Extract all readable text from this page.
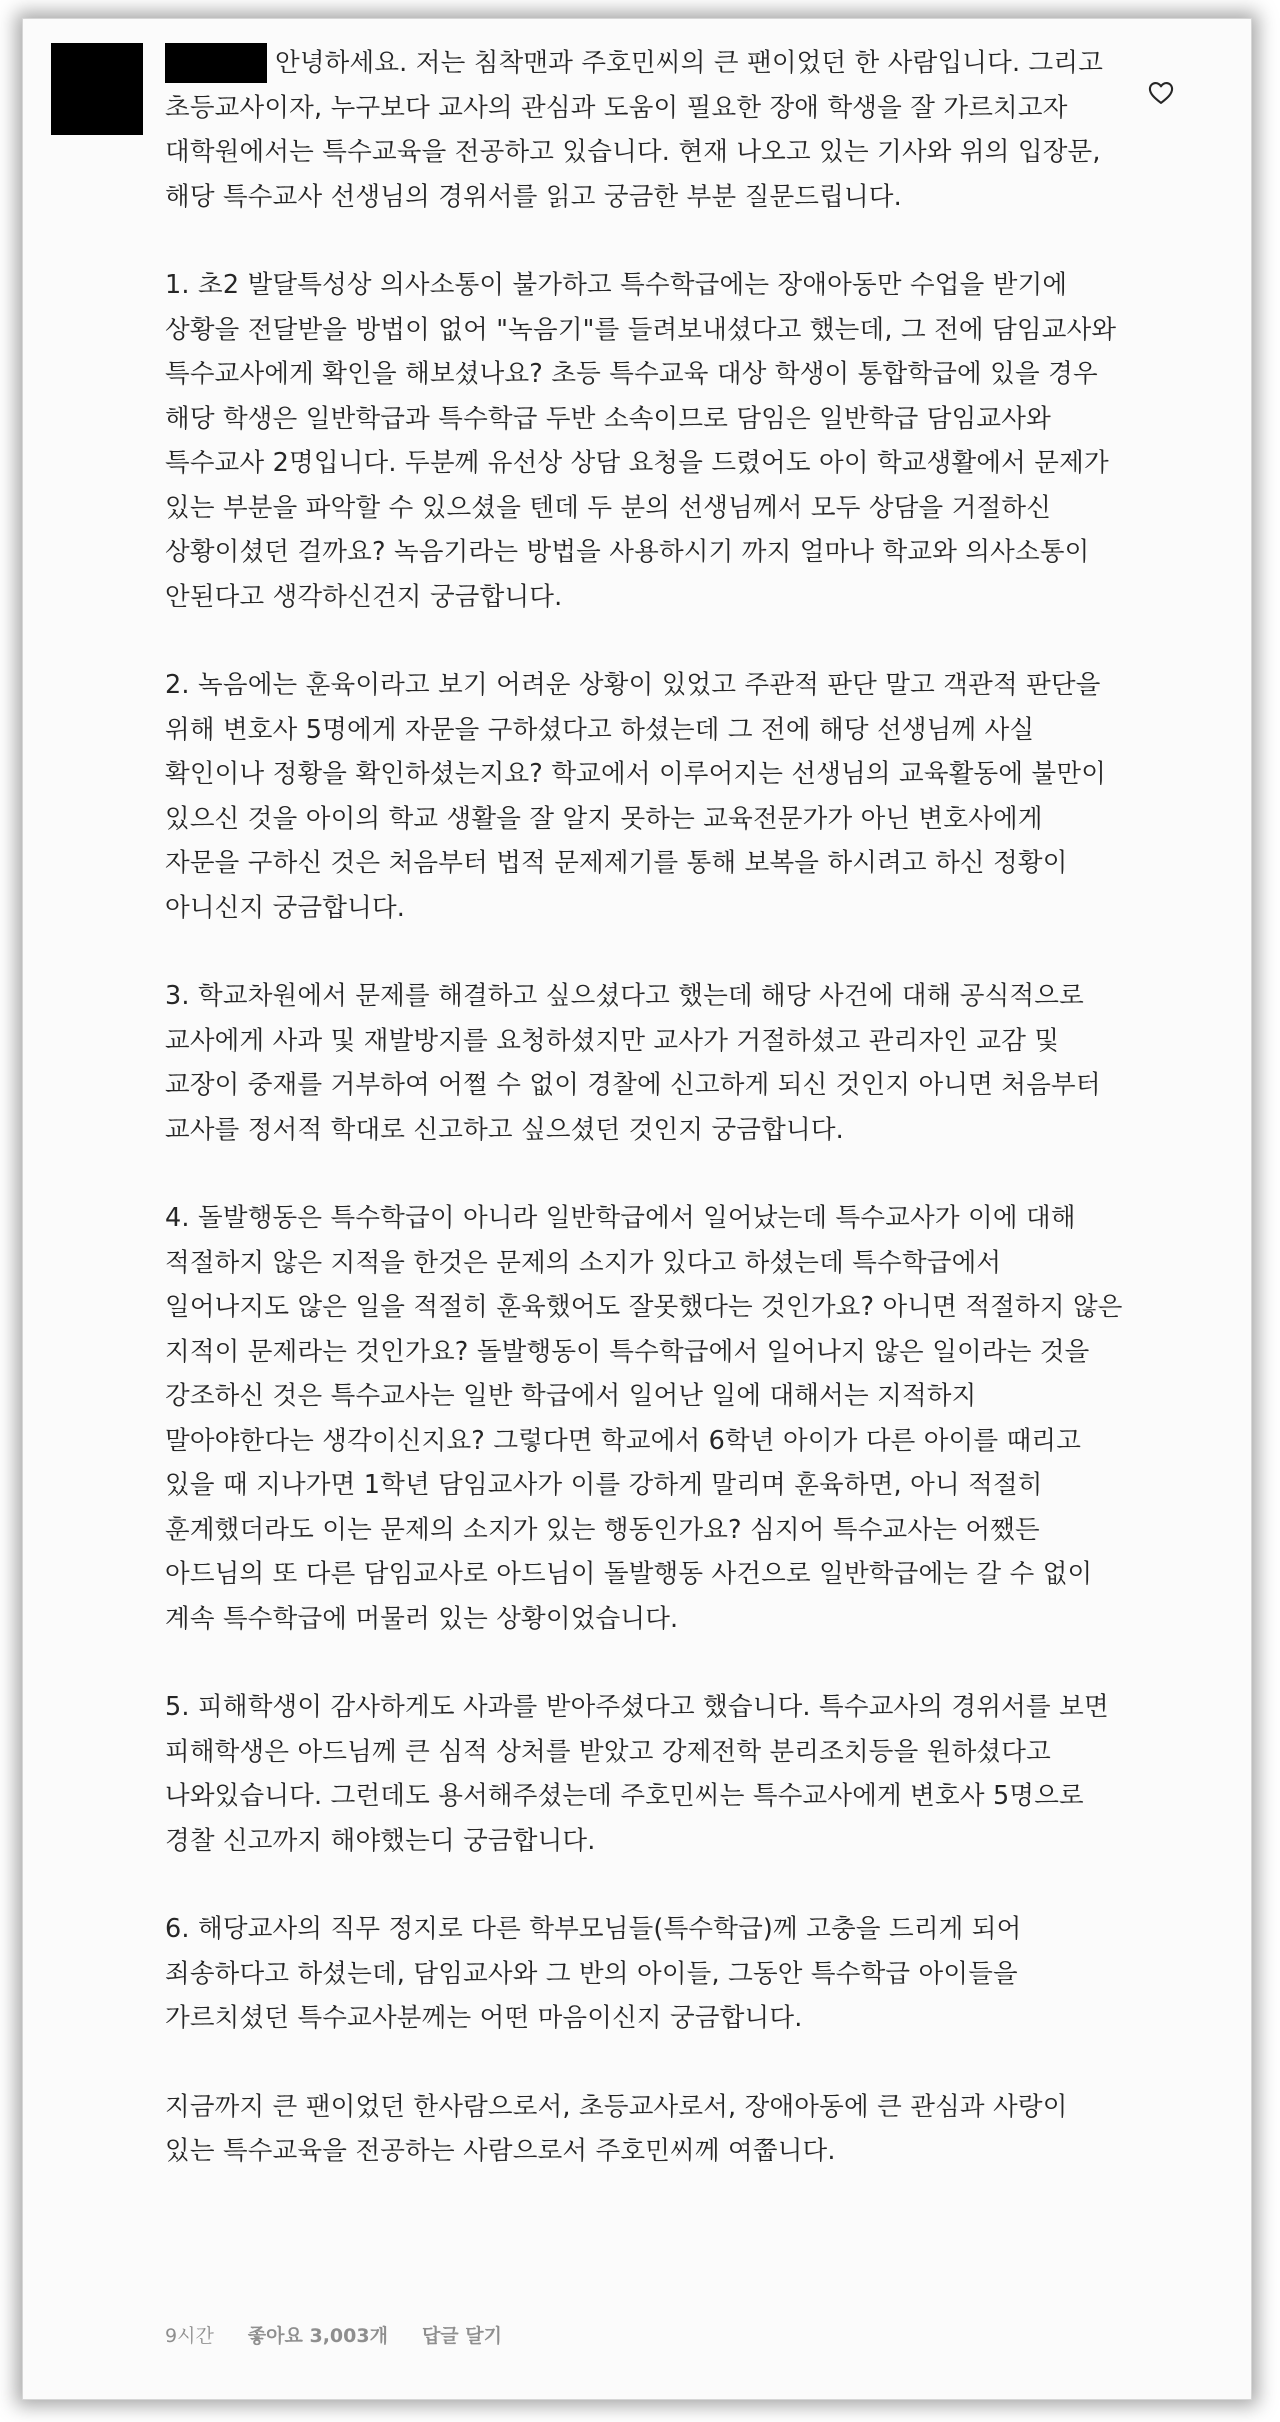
안녕하세요. 저는 침착맨과 주호민씨의 큰 팬이었던 한 사람입니다. 그리고 초등교사이자, 누구보다 교사의 관심과 도움이 필요한 장애 학생을 잘 가르치고자 대학원에서는 특수교육을 전공하고 있습니다. 현재 나오고 있는 기사와 위의 입장문, 해당 특수교사 선생님의 경위서를 읽고 궁금한 부분 질문드립니다.

1. 초2 발달특성상 의사소통이 불가하고 특수학급에는 장애아동만 수업을 받기에 상황을 전달받을 방법이 없어 "녹음기"를 들려보내셨다고 했는데, 그 전에 담임교사와 특수교사에게 확인을 해보셨나요? 초등 특수교육 대상 학생이 통합학급에 있을 경우 해당 학생은 일반학급과 특수학급 두반 소속이므로 담임은 일반학급 담임교사와 특수교사 2명입니다. 두분께 유선상 상담 요청을 드렸어도 아이 학교생활에서 문제가 있는 부분을 파악할 수 있으셨을 텐데 두 분의 선생님께서 모두 상담을 거절하신 상황이셨던 걸까요? 녹음기라는 방법을 사용하시기 까지 얼마나 학교와 의사소통이 안된다고 생각하신건지 궁금합니다.

2. 녹음에는 훈육이라고 보기 어려운 상황이 있었고 주관적 판단 말고 객관적 판단을 위해 변호사 5명에게 자문을 구하셨다고 하셨는데 그 전에 해당 선생님께 사실 확인이나 정황을 확인하셨는지요? 학교에서 이루어지는 선생님의 교육활동에 불만이 있으신 것을 아이의 학교 생활을 잘 알지 못하는 교육전문가가 아닌 변호사에게 자문을 구하신 것은 처음부터 법적 문제제기를 통해 보복을 하시려고 하신 정황이 아니신지 궁금합니다.

3. 학교차원에서 문제를 해결하고 싶으셨다고 했는데 해당 사건에 대해 공식적으로 교사에게 사과 및 재발방지를 요청하셨지만 교사가 거절하셨고 관리자인 교감 및 교장이 중재를 거부하여 어쩔 수 없이 경찰에 신고하게 되신 것인지 아니면 처음부터 교사를 정서적 학대로 신고하고 싶으셨던 것인지 궁금합니다.

4. 돌발행동은 특수학급이 아니라 일반학급에서 일어났는데 특수교사가 이에 대해 적절하지 않은 지적을 한것은 문제의 소지가 있다고 하셨는데 특수학급에서 일어나지도 않은 일을 적절히 훈육했어도 잘못했다는 것인가요? 아니면 적절하지 않은 지적이 문제라는 것인가요? 돌발행동이 특수학급에서 일어나지 않은 일이라는 것을 강조하신 것은 특수교사는 일반 학급에서 일어난 일에 대해서는 지적하지 말아야한다는 생각이신지요? 그렇다면 학교에서 6학년 아이가 다른 아이를 때리고 있을 때 지나가면 1학년 담임교사가 이를 강하게 말리며 훈육하면, 아니 적절히 훈계했더라도 이는 문제의 소지가 있는 행동인가요? 심지어 특수교사는 어쨌든 아드님의 또 다른 담임교사로 아드님이 돌발행동 사건으로 일반학급에는 갈 수 없이 계속 특수학급에 머물러 있는 상황이었습니다.

5. 피해학생이 감사하게도 사과를 받아주셨다고 했습니다. 특수교사의 경위서를 보면 피해학생은 아드님께 큰 심적 상처를 받았고 강제전학 분리조치등을 원하셨다고 나와있습니다. 그런데도 용서해주셨는데 주호민씨는 특수교사에게 변호사 5명으로 경찰 신고까지 해야했는디 궁금합니다.

6. 해당교사의 직무 정지로 다른 학부모님들(특수학급)께 고충을 드리게 되어 죄송하다고 하셨는데, 담임교사와 그 반의 아이들, 그동안 특수학급 아이들을 가르치셨던 특수교사분께는 어떤 마음이신지 궁금합니다.

지금까지 큰 팬이었던 한사람으로서, 초등교사로서, 장애아동에 큰 관심과 사랑이 있는 특수교육을 전공하는 사람으로서 주호민씨께 여쭙니다.

9시간 좋아요 3,003개 답글 달기
